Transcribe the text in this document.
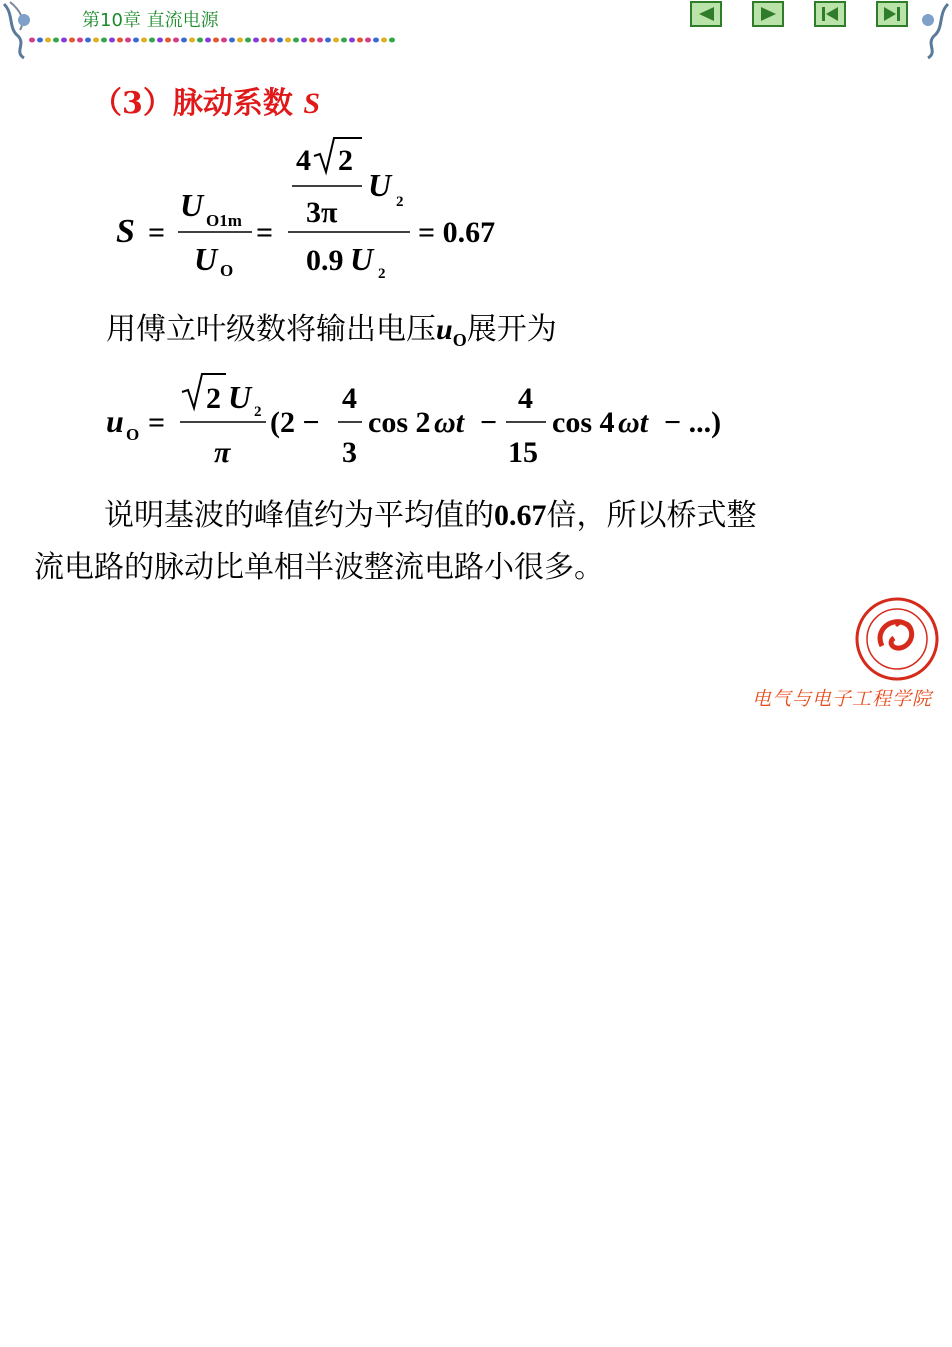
第10章 直流电源
（3）脉动系数 S
S =
U O1m
U O
=
4 2
3π
U 2
0.9 U 2
= 0.67
用傅立叶级数将输出电压$u_O$展开为
u O =
2 U 2
π
(2 −
4
3
cos 2 ωt −
4
15
cos 4 ωt − ...)
说明基波的峰值约为平均值的0.67倍，所以桥式整
流电路的脉动比单相半波整流电路小很多。
电气与电子工程学院
